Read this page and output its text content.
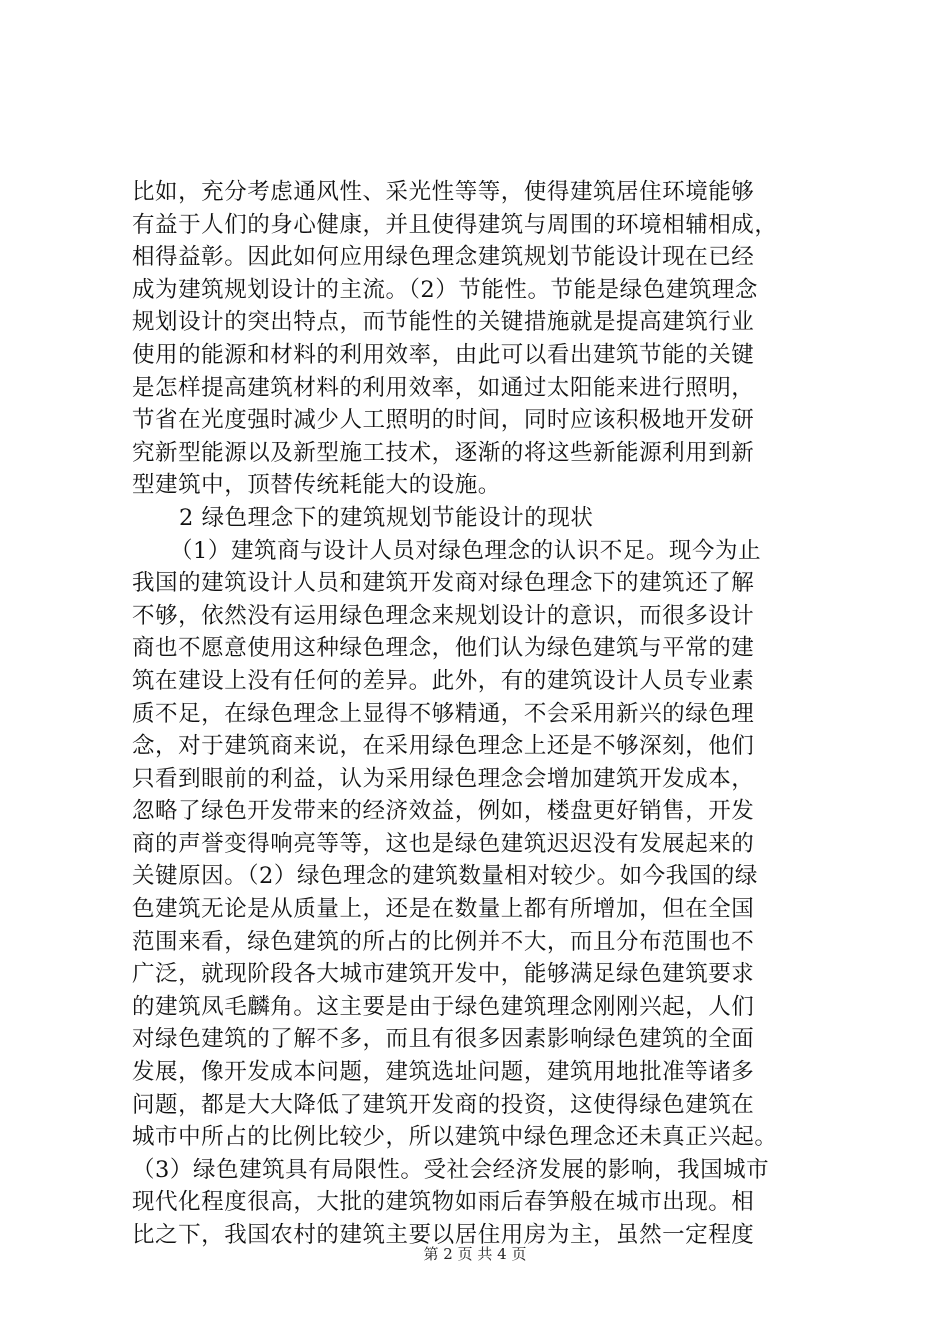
比如，充分考虑通风性、采光性等等，使得建筑居住环境能够
有益于人们的身心健康，并且使得建筑与周围的环境相辅相成，
相得益彰。因此如何应用绿色理念建筑规划节能设计现在已经
成为建筑规划设计的主流。（2）节能性。节能是绿色建筑理念
规划设计的突出特点，而节能性的关键措施就是提高建筑行业
使用的能源和材料的利用效率，由此可以看出建筑节能的关键
是怎样提高建筑材料的利用效率，如通过太阳能来进行照明，
节省在光度强时减少人工照明的时间，同时应该积极地开发研
究新型能源以及新型施工技术，逐渐的将这些新能源利用到新
型建筑中，顶替传统耗能大的设施。
2 绿色理念下的建筑规划节能设计的现状
（1）建筑商与设计人员对绿色理念的认识不足。现今为止
我国的建筑设计人员和建筑开发商对绿色理念下的建筑还了解
不够，依然没有运用绿色理念来规划设计的意识，而很多设计
商也不愿意使用这种绿色理念，他们认为绿色建筑与平常的建
筑在建设上没有任何的差异。此外，有的建筑设计人员专业素
质不足，在绿色理念上显得不够精通，不会采用新兴的绿色理
念，对于建筑商来说，在采用绿色理念上还是不够深刻，他们
只看到眼前的利益，认为采用绿色理念会增加建筑开发成本，
忽略了绿色开发带来的经济效益，例如，楼盘更好销售，开发
商的声誉变得响亮等等，这也是绿色建筑迟迟没有发展起来的
关键原因。（2）绿色理念的建筑数量相对较少。如今我国的绿
色建筑无论是从质量上，还是在数量上都有所增加，但在全国
范围来看，绿色建筑的所占的比例并不大，而且分布范围也不
广泛，就现阶段各大城市建筑开发中，能够满足绿色建筑要求
的建筑凤毛麟角。这主要是由于绿色建筑理念刚刚兴起，人们
对绿色建筑的了解不多，而且有很多因素影响绿色建筑的全面
发展，像开发成本问题，建筑选址问题，建筑用地批准等诸多
问题，都是大大降低了建筑开发商的投资，这使得绿色建筑在
城市中所占的比例比较少，所以建筑中绿色理念还未真正兴起。
（3）绿色建筑具有局限性。受社会经济发展的影响，我国城市
现代化程度很高，大批的建筑物如雨后春笋般在城市出现。相
比之下，我国农村的建筑主要以居住用房为主，虽然一定程度
第 2 页 共 4 页
